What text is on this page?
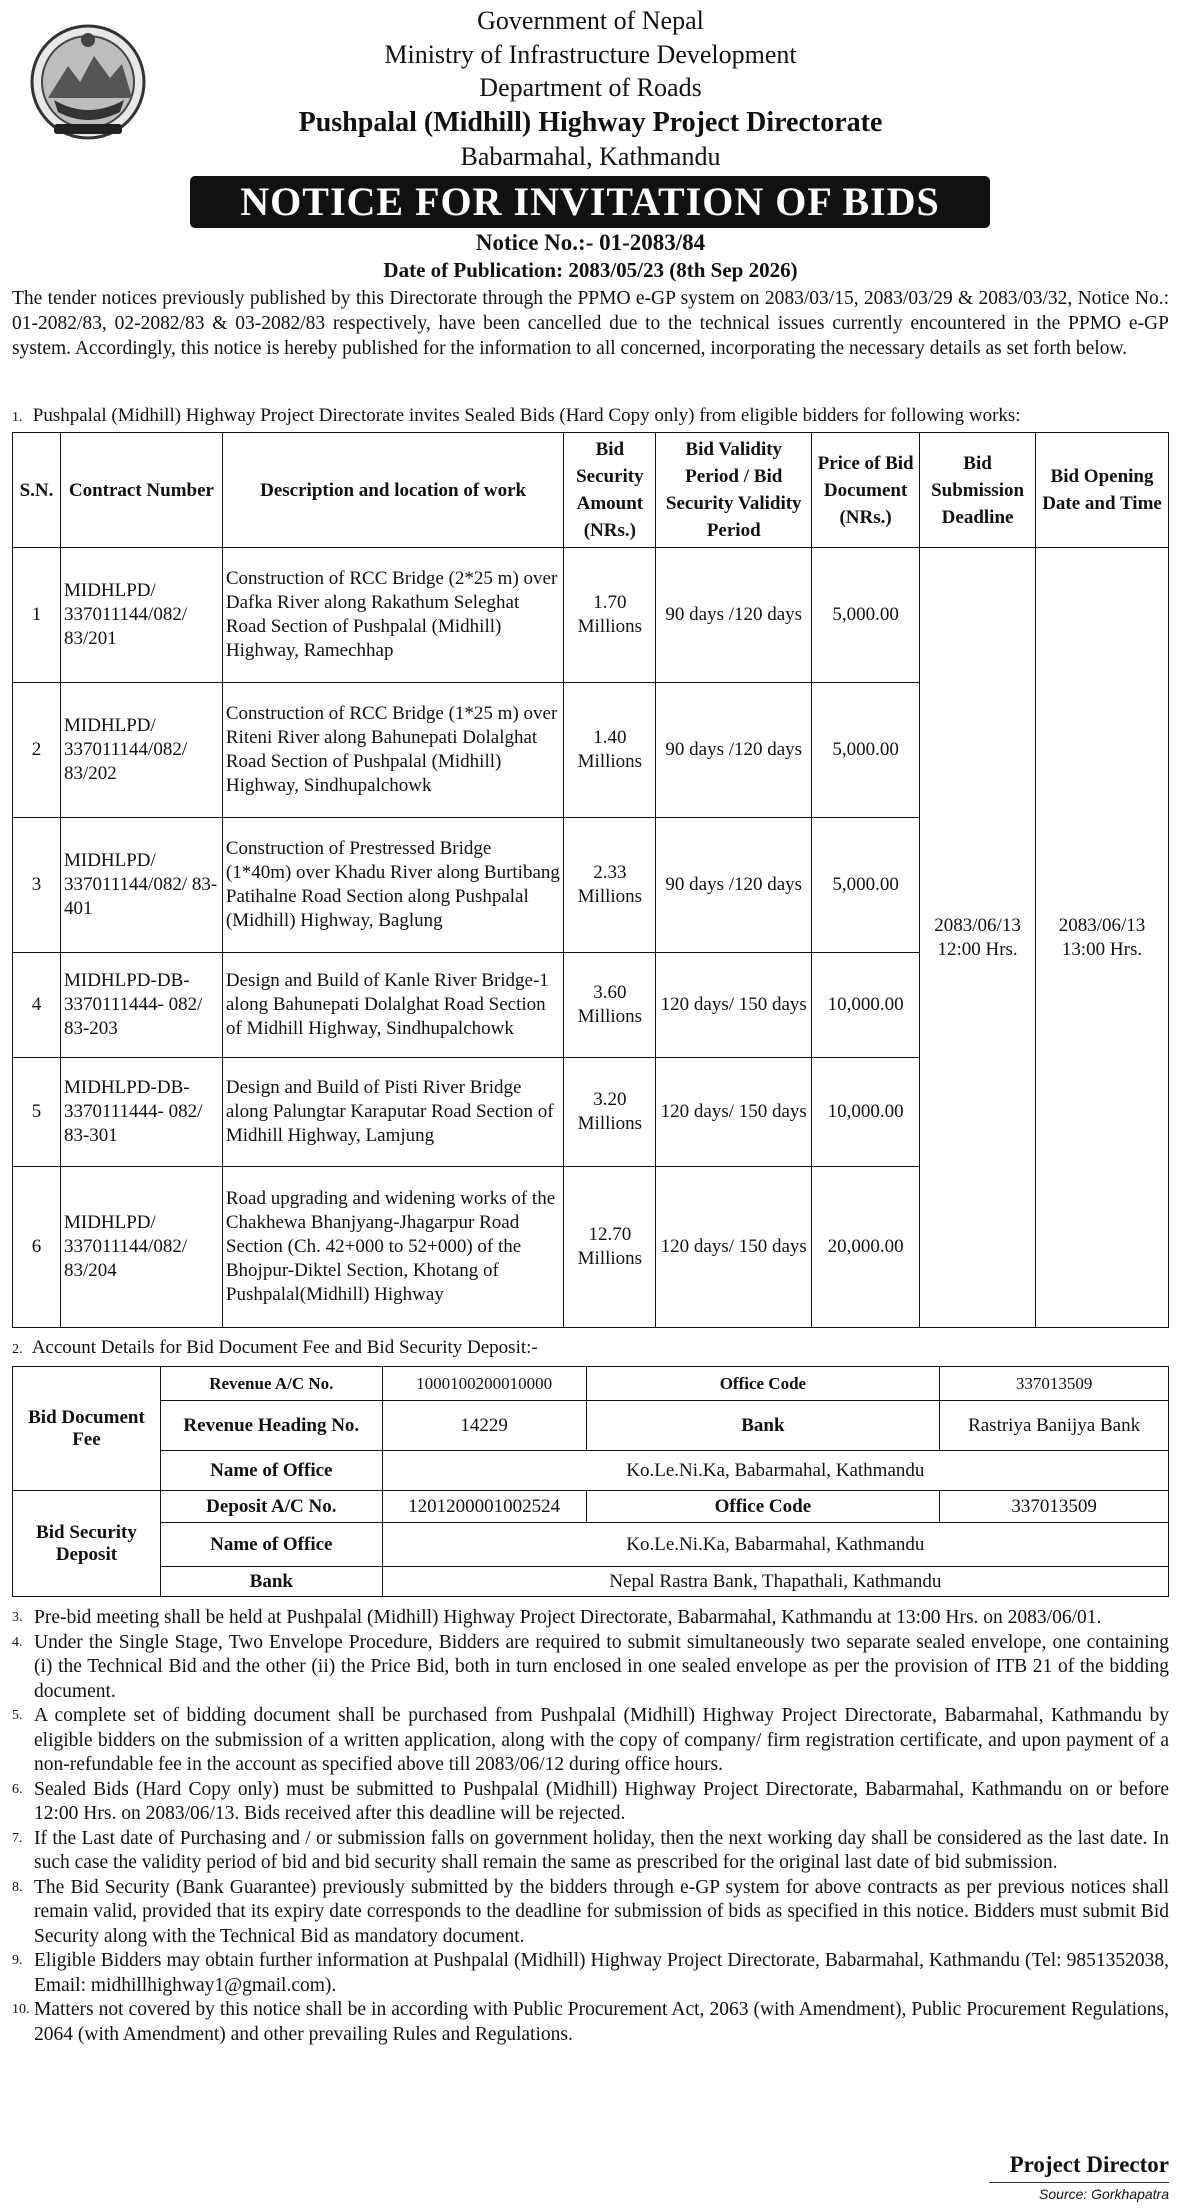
Government of Nepal
Ministry of Infrastructure Development
Department of Roads
Pushpalal (Midhill) Highway Project Directorate
Babarmahal, Kathmandu
NOTICE FOR INVITATION OF BIDS
Notice No.:- 01-2083/84
Date of Publication: 2083/05/23 (8th Sep 2026)
The tender notices previously published by this Directorate through the PPMO e-GP system on 2083/03/15, 2083/03/29 & 2083/03/32, Notice No.: 01-2082/83, 02-2082/83 & 03-2082/83 respectively, have been cancelled due to the technical issues currently encountered in the PPMO e-GP system. Accordingly, this notice is hereby published for the information to all concerned, incorporating the necessary details as set forth below.
1. Pushpalal (Midhill) Highway Project Directorate invites Sealed Bids (Hard Copy only) from eligible bidders for following works:
S.N.	Contract Number	Description and location of work	Bid Security Amount (NRs.)	Bid Validity Period / Bid Security Validity Period	Price of Bid Document (NRs.)	Bid Submission Deadline	Bid Opening Date and Time
1	MIDHLPD/ 337011144/082/ 83/201	Construction of RCC Bridge (2*25 m) over Dafka River along Rakathum Seleghat Road Section of Pushpalal (Midhill) Highway, Ramechhap	1.70 Millions	90 days /120 days	5,000.00	2083/06/13 12:00 Hrs.	2083/06/13 13:00 Hrs.
2	MIDHLPD/ 337011144/082/ 83/202	Construction of RCC Bridge (1*25 m) over Riteni River along Bahunepati Dolalghat Road Section of Pushpalal (Midhill) Highway, Sindhupalchowk	1.40 Millions	90 days /120 days	5,000.00		
3	MIDHLPD/ 337011144/082/ 83-401	Construction of Prestressed Bridge (1*40m) over Khadu River along Burtibang Patihalne Road Section along Pushpalal (Midhill) Highway, Baglung	2.33 Millions	90 days /120 days	5,000.00		
4	MIDHLPD-DB- 3370111444- 082/ 83-203	Design and Build of Kanle River Bridge-1 along Bahunepati Dolalghat Road Section of Midhill Highway, Sindhupalchowk	3.60 Millions	120 days/ 150 days	10,000.00		
5	MIDHLPD-DB- 3370111444- 082/ 83-301	Design and Build of Pisti River Bridge along Palungtar Karaputar Road Section of Midhill Highway, Lamjung	3.20 Millions	120 days/ 150 days	10,000.00		
6	MIDHLPD/ 337011144/082/ 83/204	Road upgrading and widening works of the Chakhewa Bhanjyang-Jhagarpur Road Section (Ch. 42+000 to 52+000) of the Bhojpur-Diktel Section, Khotang of Pushpalal(Midhill) Highway	12.70 Millions	120 days/ 150 days	20,000.00		
2. Account Details for Bid Document Fee and Bid Security Deposit:-
Bid Document Fee	Revenue A/C No.	1000100200010000	Office Code	337013509
	Revenue Heading No.	14229	Bank	Rastriya Banijya Bank
	Name of Office	Ko.Le.Ni.Ka, Babarmahal, Kathmandu		
Bid Security Deposit	Deposit A/C No.	1201200001002524	Office Code	337013509
	Name of Office	Ko.Le.Ni.Ka, Babarmahal, Kathmandu		
	Bank	Nepal Rastra Bank, Thapathali, Kathmandu		
3. Pre-bid meeting shall be held at Pushpalal (Midhill) Highway Project Directorate, Babarmahal, Kathmandu at 13:00 Hrs. on 2083/06/01.
4. Under the Single Stage, Two Envelope Procedure, Bidders are required to submit simultaneously two separate sealed envelope, one containing (i) the Technical Bid and the other (ii) the Price Bid, both in turn enclosed in one sealed envelope as per the provision of ITB 21 of the bidding document.
5. A complete set of bidding document shall be purchased from Pushpalal (Midhill) Highway Project Directorate, Babarmahal, Kathmandu by eligible bidders on the submission of a written application, along with the copy of company/ firm registration certificate, and upon payment of a non-refundable fee in the account as specified above till 2083/06/12 during office hours.
6. Sealed Bids (Hard Copy only) must be submitted to Pushpalal (Midhill) Highway Project Directorate, Babarmahal, Kathmandu on or before 12:00 Hrs. on 2083/06/13. Bids received after this deadline will be rejected.
7. If the Last date of Purchasing and / or submission falls on government holiday, then the next working day shall be considered as the last date. In such case the validity period of bid and bid security shall remain the same as prescribed for the original last date of bid submission.
8. The Bid Security (Bank Guarantee) previously submitted by the bidders through e-GP system for above contracts as per previous notices shall remain valid, provided that its expiry date corresponds to the deadline for submission of bids as specified in this notice. Bidders must submit Bid Security along with the Technical Bid as mandatory document.
9. Eligible Bidders may obtain further information at Pushpalal (Midhill) Highway Project Directorate, Babarmahal, Kathmandu (Tel: 9851352038, Email: midhillhighway1@gmail.com).
10. Matters not covered by this notice shall be in according with Public Procurement Act, 2063 (with Amendment), Public Procurement Regulations, 2064 (with Amendment) and other prevailing Rules and Regulations.
Project Director
Source: Gorkhapatra
